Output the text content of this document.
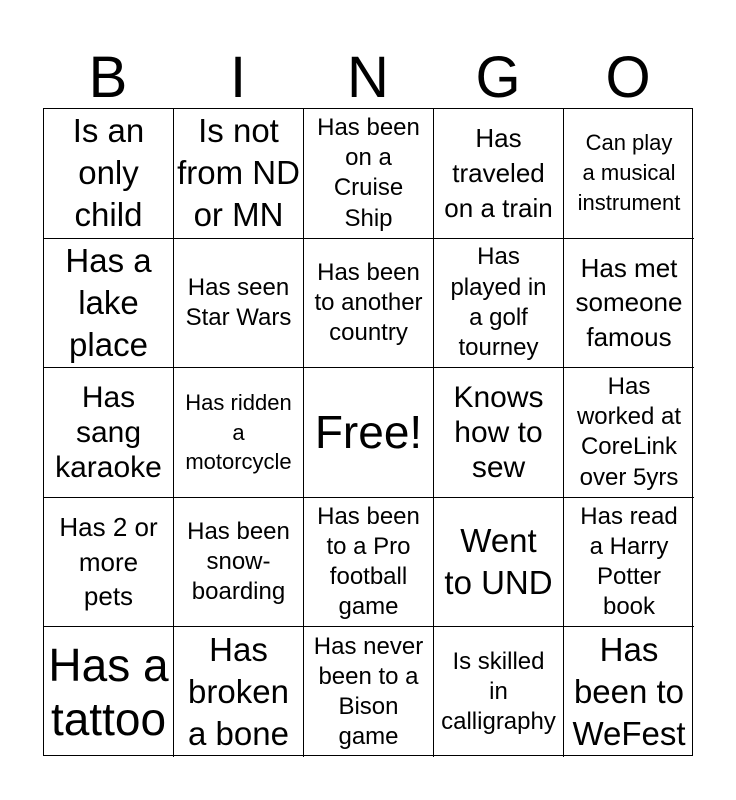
B	I	N	G	O
Is an
only
child
Is not
from ND
or MN
Has been
on a
Cruise
Ship
Has
traveled
on a train
Can play
a musical
instrument
Has a
lake
place
Has seen
Star Wars
Has been
to another
country
Has
played in
a golf
tourney
Has met
someone
famous
Has
sang
karaoke
Has ridden
a
motorcycle
Free!
Knows
how to
sew
Has
worked at
CoreLink
over 5yrs
Has 2 or
more
pets
Has been
snow-
boarding
Has been
to a Pro
football
game
Went
to UND
Has read
a Harry
Potter
book
Has a
tattoo
Has
broken
a bone
Has never
been to a
Bison
game
Is skilled
in
calligraphy
Has
been to
WeFest
